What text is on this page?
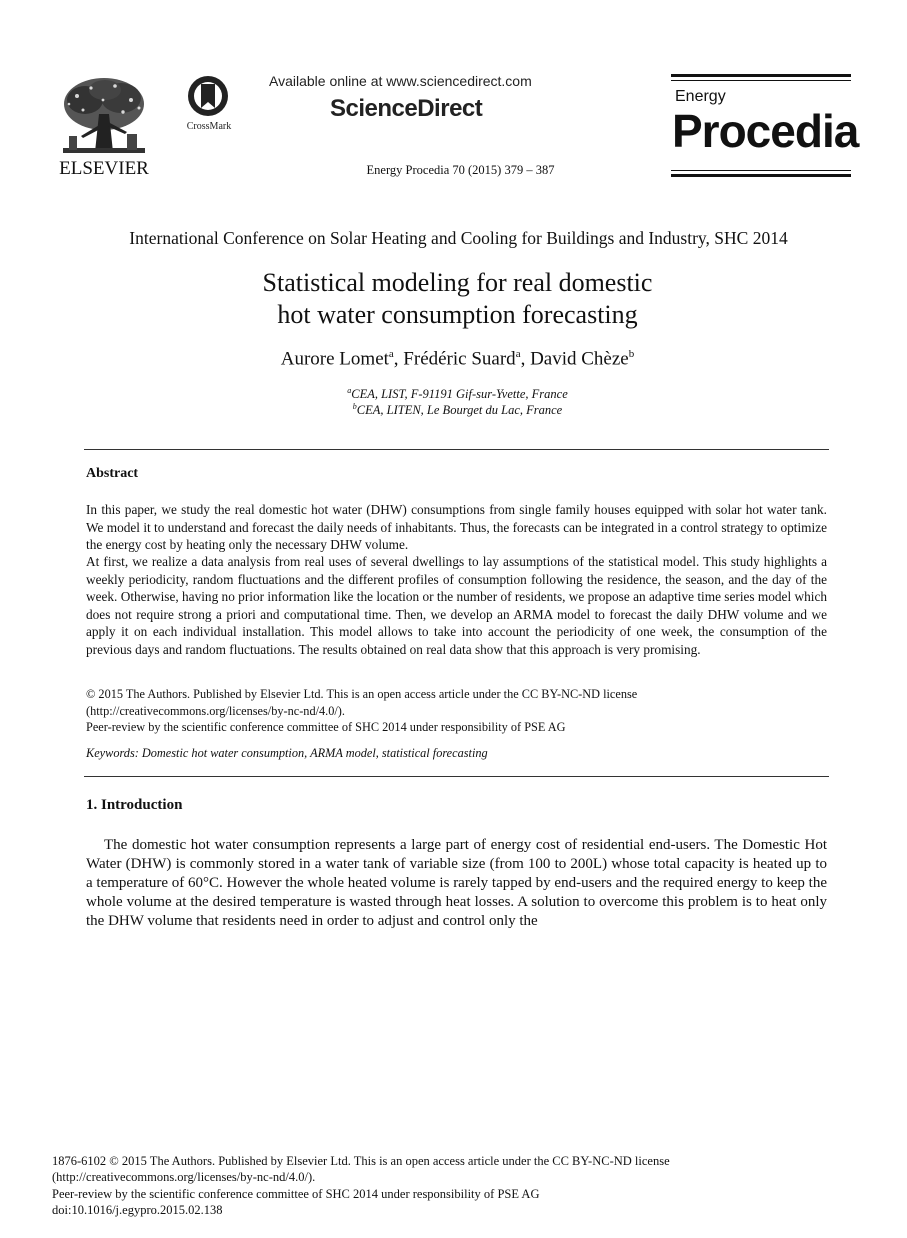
ELSEVIER
CrossMark
Available online at www.sciencedirect.com
ScienceDirect
Energy Procedia 70 (2015) 379 – 387
Energy
Procedia
International Conference on Solar Heating and Cooling for Buildings and Industry, SHC 2014
Statistical modeling for real domestic
hot water consumption forecasting
Aurore Lomet$^a$, Frédéric Suard$^a$, David Chèze$^b$
$^a$CEA, LIST, F-91191 Gif-sur-Yvette, France
$^b$CEA, LITEN, Le Bourget du Lac, France
Abstract

In this paper, we study the real domestic hot water (DHW) consumptions from single family houses equipped with solar hot water tank. We model it to understand and forecast the daily needs of inhabitants. Thus, the forecasts can be integrated in a control strategy to optimize the energy cost by heating only the necessary DHW volume.

At first, we realize a data analysis from real uses of several dwellings to lay assumptions of the statistical model. This study highlights a weekly periodicity, random fluctuations and the different profiles of consumption following the residence, the season, and the day of the week. Otherwise, having no prior information like the location or the number of residents, we propose an adaptive time series model which does not require strong a priori and computational time. Then, we develop an ARMA model to forecast the daily DHW volume and we apply it on each individual installation. This model allows to take into account the periodicity of one week, the consumption of the previous days and random fluctuations. The results obtained on real data show that this approach is very promising.

© 2015 The Authors. Published by Elsevier Ltd. This is an open access article under the CC BY-NC-ND license
(http://creativecommons.org/licenses/by-nc-nd/4.0/).
Peer-review by the scientific conference committee of SHC 2014 under responsibility of PSE AG
Keywords: Domestic hot water consumption, ARMA model, statistical forecasting
1. Introduction

The domestic hot water consumption represents a large part of energy cost of residential end-users. The Domestic Hot Water (DHW) is commonly stored in a water tank of variable size (from 100 to 200L) whose total capacity is heated up to a temperature of 60°C. However the whole heated volume is rarely tapped by end-users and the required energy to keep the whole volume at the desired temperature is wasted through heat losses. A solution to overcome this problem is to heat only the DHW volume that residents need in order to adjust and control only the

1876-6102 © 2015 The Authors. Published by Elsevier Ltd. This is an open access article under the CC BY-NC-ND license
(http://creativecommons.org/licenses/by-nc-nd/4.0/).
Peer-review by the scientific conference committee of SHC 2014 under responsibility of PSE AG
doi:10.1016/j.egypro.2015.02.138
